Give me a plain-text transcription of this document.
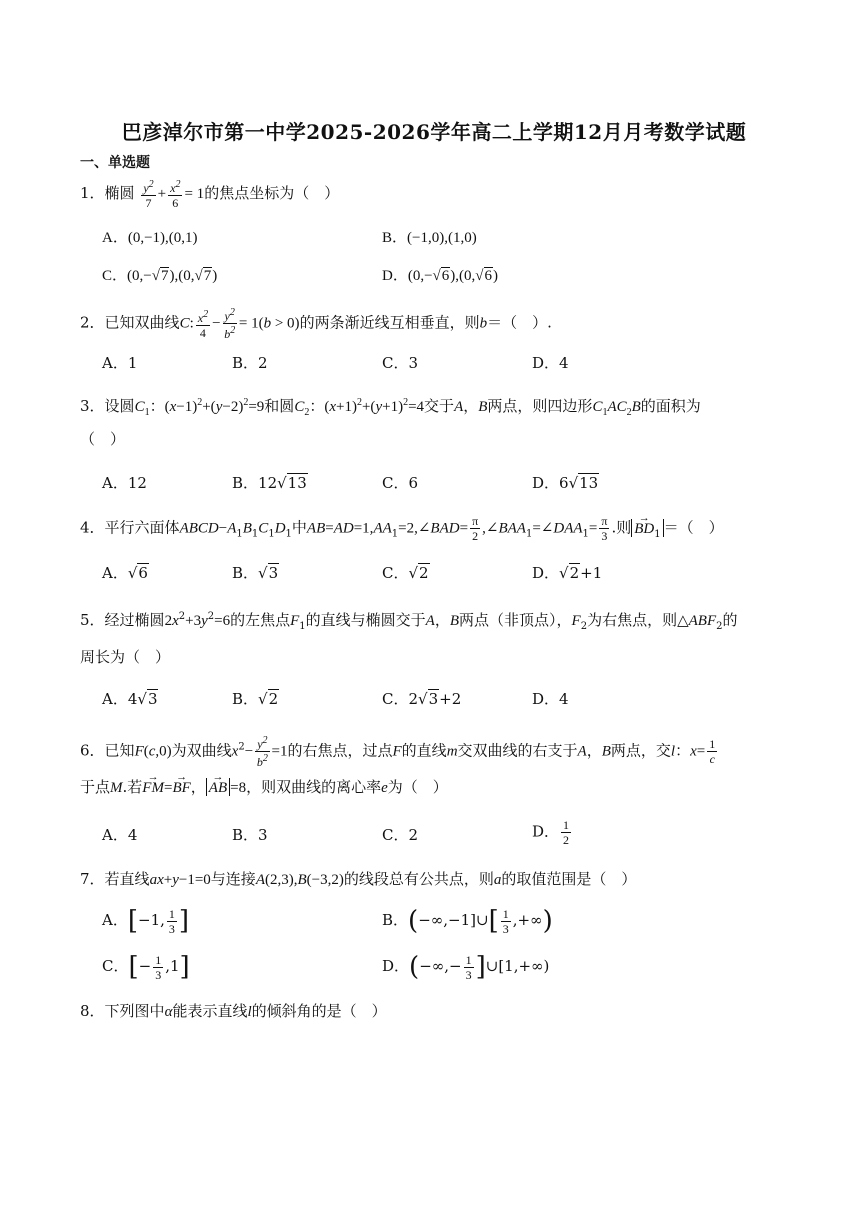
巴彦淖尔市第一中学2025-2026学年高二上学期12月月考数学试题
一、单选题
1．椭圆 $\frac{y^2}{7} + \frac{x^2}{6} = 1$的焦点坐标为（　）
A．(0,−1),(0,1)	B．(−1,0),(1,0)
C．(0,−√7),(0,√7)	D．(0,−√6),(0,√6)
2．已知双曲线C: $\frac{x^2}{4} - \frac{y^2}{b^2} = 1(b > 0)$的两条渐近线互相垂直，则b＝（　）.
A．1	B．2	C．3	D．4
3．设圆$C_1$：$(x-1)^2+(y-2)^2=9$和圆$C_2$：$(x+1)^2+(y+1)^2=4$交于A，B两点，则四边形$C_1AC_2B$的面积为
（　）
A．12	B．12√13	C．6	D．6√13
4．平行六面体$ABCD-A_1B_1C_1D_1$中$AB=AD=1,AA_1=2,\angle BAD= \frac{\pi}{2}$ $,\angle BAA_1=\angle DAA_1= \frac{\pi}{3}$ .则 → $BD_1$ ＝（　）
A．√6	B．√3	C．√2	D．√2+1
5．经过椭圆$2x^2+3y^2=6$的左焦点$F_1$的直线与椭圆交于A，B两点（非顶点），$F_2$为右焦点，则$\triangle ABF_2$的
周长为（　）
A．4√3	B．√2	C．2√3+2	D．4
6．已知F(c,0)为双曲线$x^2- \frac{y^2}{b^2} =1$的右焦点，过点F的直线m交双曲线的右支于A，B两点，交l：$x= \frac{1}{c}$
于点M.若→ FM=→ BF， → AB =8，则双曲线的离心率e为（　）
A．4	B．3	C．2	D． $\frac{1}{2}$
7．若直线ax+y−1=0与连接A(2,3),B(−3,2)的线段总有公共点，则a的取值范围是（　）
A．[−1, $\frac{1}{3}$ ]	B．(−∞,−1]∪[ $\frac{1}{3}$ ,+∞)
C．[− $\frac{1}{3} ,1$]	D．(−∞,− $\frac{1}{3}$ ]∪[1,+∞)
8．下列图中α能表示直线l的倾斜角的是（　）
